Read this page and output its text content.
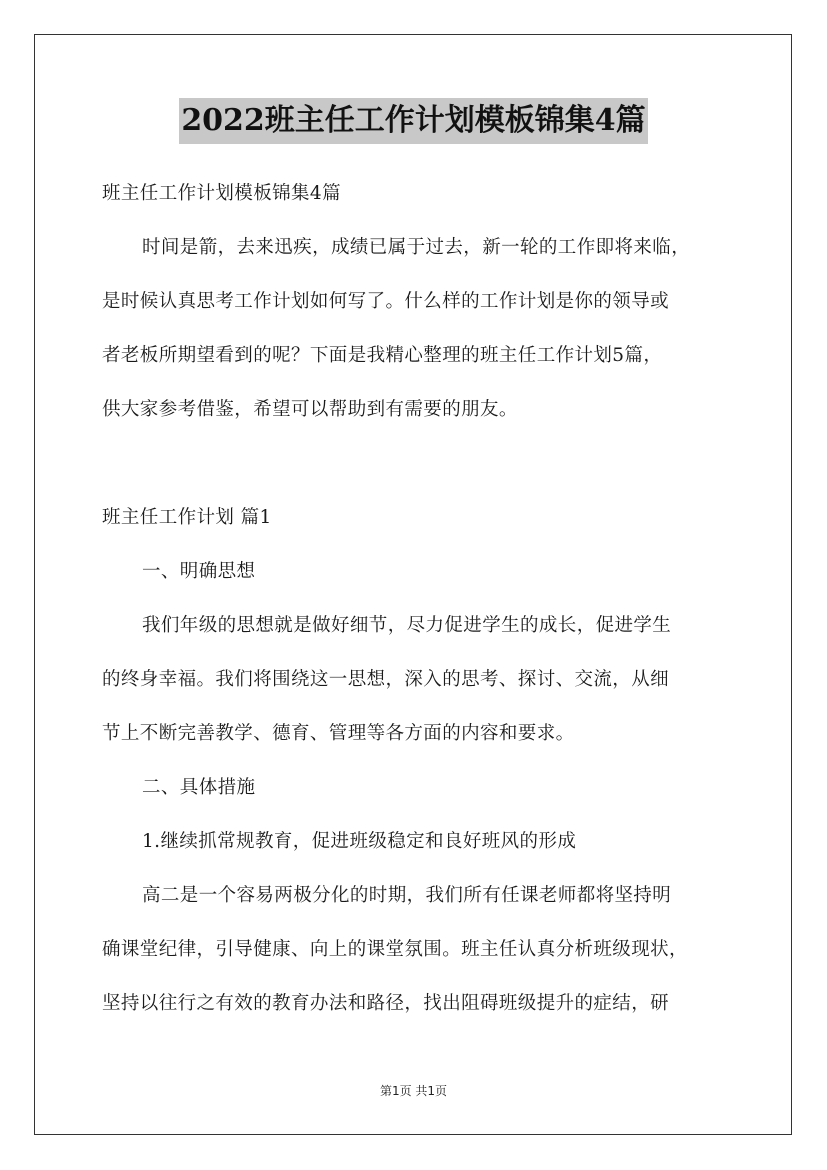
2022班主任工作计划模板锦集4篇
班主任工作计划模板锦集4篇
时间是箭，去来迅疾，成绩已属于过去，新一轮的工作即将来临，
是时候认真思考工作计划如何写了。什么样的工作计划是你的领导或
者老板所期望看到的呢？下面是我精心整理的班主任工作计划5篇，
供大家参考借鉴，希望可以帮助到有需要的朋友。
班主任工作计划 篇1
一、明确思想
我们年级的思想就是做好细节，尽力促进学生的成长，促进学生
的终身幸福。我们将围绕这一思想，深入的思考、探讨、交流，从细
节上不断完善教学、德育、管理等各方面的内容和要求。
二、具体措施
1.继续抓常规教育，促进班级稳定和良好班风的形成
高二是一个容易两极分化的时期，我们所有任课老师都将坚持明
确课堂纪律，引导健康、向上的课堂氛围。班主任认真分析班级现状，
坚持以往行之有效的教育办法和路径，找出阻碍班级提升的症结，研
第1页 共1页
